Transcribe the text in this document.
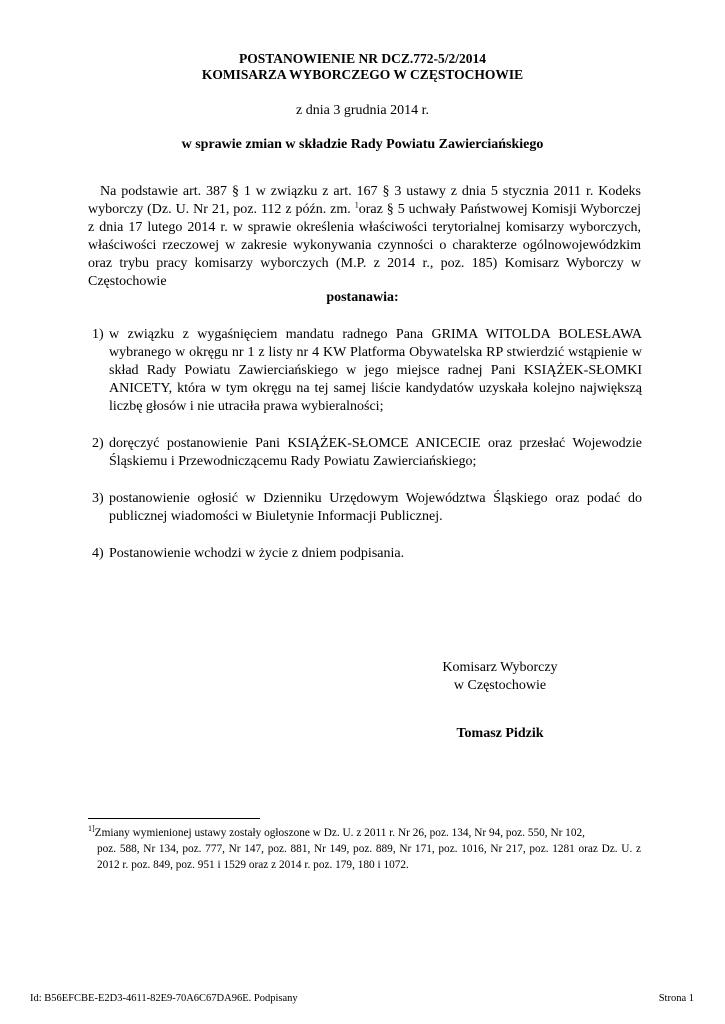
POSTANOWIENIE NR DCZ.772-5/2/2014
KOMISARZA WYBORCZEGO W CZĘSTOCHOWIE
z dnia 3 grudnia 2014 r.
w sprawie zmian w składzie Rady Powiatu Zawierciańskiego
Na podstawie art. 387 § 1 w związku z art. 167 § 3 ustawy z dnia 5 stycznia 2011 r. Kodeks wyborczy (Dz. U. Nr 21, poz. 112 z późn. zm. $^1$oraz § 5 uchwały Państwowej Komisji Wyborczej z dnia 17 lutego 2014 r. w sprawie określenia właściwości terytorialnej komisarzy wyborczych, właściwości rzeczowej w zakresie wykonywania czynności o charakterze ogólnowojewódzkim oraz trybu pracy komisarzy wyborczych (M.P. z 2014 r., poz. 185) Komisarz Wyborczy w Częstochowie
postanawia:
1) w związku z wygaśnięciem mandatu radnego Pana GRIMA WITOLDA BOLESŁAWA wybranego w okręgu nr 1 z listy nr 4 KW Platforma Obywatelska RP stwierdzić wstąpienie w skład Rady Powiatu Zawierciańskiego w jego miejsce radnej Pani KSIĄŻEK-SŁOMKI ANICETY, która w tym okręgu na tej samej liście kandydatów uzyskała kolejno największą liczbę głosów i nie utraciła prawa wybieralności;
2) doręczyć postanowienie Pani KSIĄŻEK-SŁOMCE ANICECIE oraz przesłać Wojewodzie Śląskiemu i Przewodniczącemu Rady Powiatu Zawierciańskiego;
3) postanowienie ogłosić w Dzienniku Urzędowym Województwa Śląskiego oraz podać do publicznej wiadomości w Biuletynie Informacji Publicznej.
4) Postanowienie wchodzi w życie z dniem podpisania.
Komisarz Wyborczy
w Częstochowie
Tomasz Pidzik
$^{1]}$Zmiany wymienionej ustawy zostały ogłoszone w Dz. U. z 2011 r. Nr 26, poz. 134, Nr 94, poz. 550, Nr 102,
poz. 588, Nr 134, poz. 777, Nr 147, poz. 881, Nr 149, poz. 889, Nr 171, poz. 1016, Nr 217, poz. 1281 oraz Dz. U. z 2012 r. poz. 849, poz. 951 i 1529 oraz z 2014 r. poz. 179, 180 i 1072.
Id: B56EFCBE-E2D3-4611-82E9-70A6C67DA96E. Podpisany	Strona 1
